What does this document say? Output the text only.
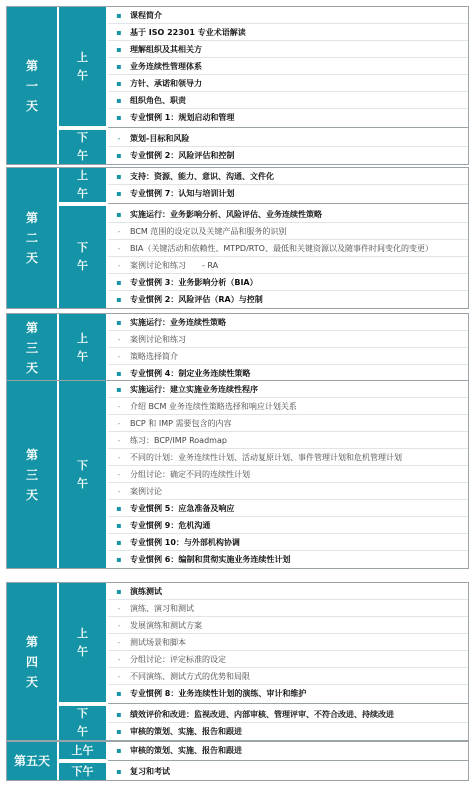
第一天
上午
▪ 课程简介
▪ 基于 ISO 22301 专业术语解读
▪ 理解组织及其相关方
▪ 业务连续性管理体系
▪ 方针、承诺和领导力
▪ 组织角色、职责
▪ 专业惯例 1：规划启动和管理
下午
-	策划-目标和风险
▪ 专业惯例 2：风险评估和控制
第二天
上午
▪ 支持：资源、能力、意识、沟通、文件化
▪ 专业惯例 7：认知与培训计划
下午
▪ 实施运行：业务影响分析、风险评估、业务连续性策略
-	BCM 范围的设定以及关键产品和服务的识别
-	BIA（关键活动和依赖性、MTPD/RTO、最低和关键资源以及随事件时间变化的变更）
-	案例讨论和练习　　- RA
▪ 专业惯例 3：业务影响分析（BIA）
▪ 专业惯例 2：风险评估（RA）与控制
第三天
上午
▪ 实施运行：业务连续性策略
-	案例讨论和练习
-	策略选择简介
▪ 专业惯例 4：制定业务连续性策略
第三天
下午
▪ 实施运行：建立实施业务连续性程序
-	介绍 BCM 业务连续性策略选择和响应计划关系
-	BCP 和 IMP 需要包含的内容
-	练习：BCP/IMP Roadmap
-	不同的计划：业务连续性计划、活动复原计划、事件管理计划和危机管理计划
-	分组讨论：确定不同的连续性计划
-	案例讨论
▪ 专业惯例 5：应急准备及响应
▪ 专业惯例 9：危机沟通
▪ 专业惯例 10：与外部机构协调
▪ 专业惯例 6：编制和贯彻实施业务连续性计划
第四天
上午
▪ 演练测试
-	演练、演习和测试
-	发展演练和测试方案
-	测试场景和脚本
-	分组讨论：评定标准的设定
-	不同演练、测试方式的优势和局限
▪ 专业惯例 8：业务连续性计划的演练、审计和维护
下午
▪ 绩效评价和改进：监视改进、内部审核、管理评审、不符合改进、持续改进
▪ 审核的策划、实施、报告和跟进
第五天
上午	▪ 审核的策划、实施、报告和跟进
下午	▪ 复习和考试
